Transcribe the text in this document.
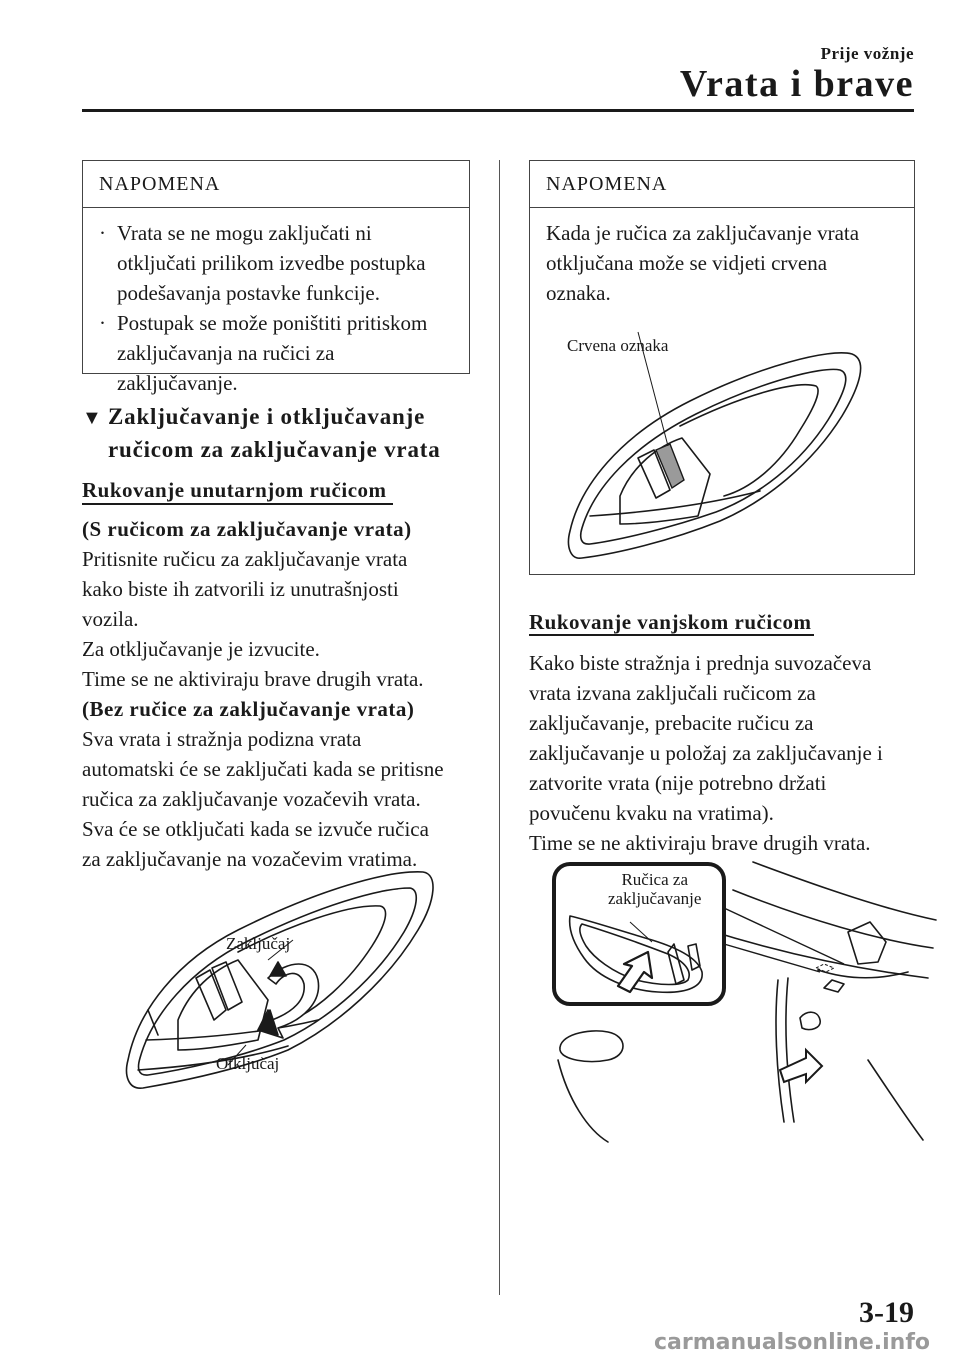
Prije vožnje
Vrata i brave
NAPOMENA
· Vrata se ne mogu zaključati ni
otključati prilikom izvedbe postupka
podešavanja postavke funkcije.
· Postupak se može poništiti pritiskom
zaključavanja na ručici za
zaključavanje.
▼ Zaključavanje i otključavanje
ručicom za zaključavanje vrata
Rukovanje unutarnjom ručicom
(S ručicom za zaključavanje vrata)
Pritisnite ručicu za zaključavanje vrata
kako biste ih zatvorili iz unutrašnjosti
vozila.
Za otključavanje je izvucite.
Time se ne aktiviraju brave drugih vrata.
(Bez ručice za zaključavanje vrata)
Sva vrata i stražnja podizna vrata
automatski će se zaključati kada se pritisne
ručica za zaključavanje vozačevih vrata.
Sva će se otključati kada se izvuče ručica
za zaključavanje na vozačevim vratima.
Zaključaj
Otključaj
NAPOMENA
Kada je ručica za zaključavanje vrata
otključana može se vidjeti crvena
oznaka.
Crvena oznaka
Rukovanje vanjskom ručicom
Kako biste stražnja i prednja suvozačeva
vrata izvana zaključali ručicom za
zaključavanje, prebacite ručicu za
zaključavanje u položaj za zaključavanje i
zatvorite vrata (nije potrebno držati
povučenu kvaku na vratima).
Time se ne aktiviraju brave drugih vrata.
Ručica za
zaključavanje
3-19
carmanualsonline.info
